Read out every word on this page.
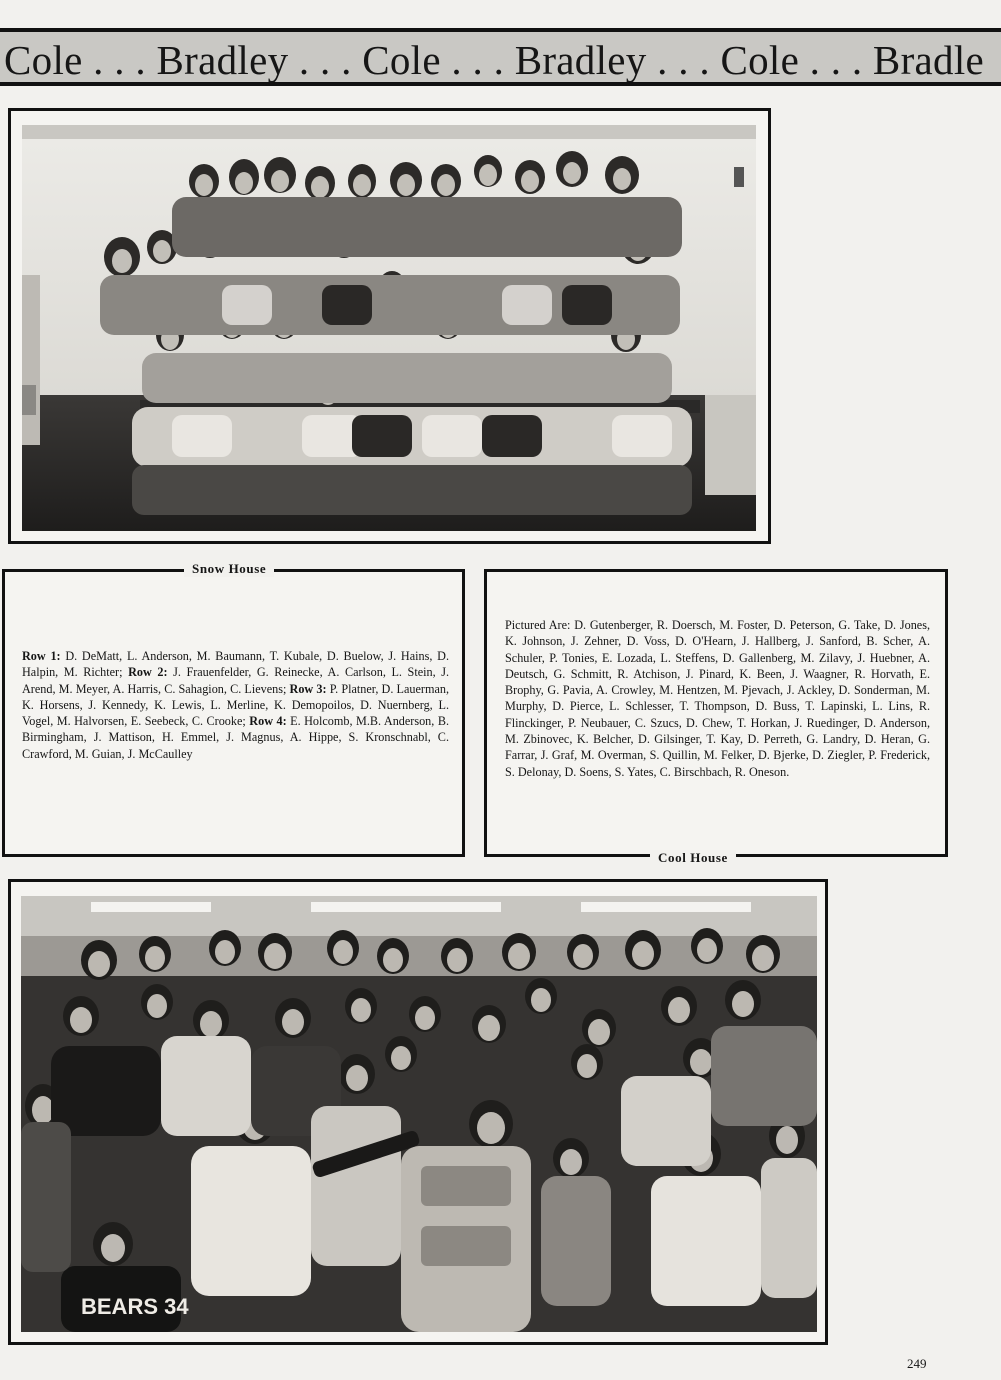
Cole . . . Bradley . . . Cole . . . Bradley . . . Cole . . . Bradle
Row 1: D. DeMatt, L. Anderson, M. Baumann, T. Kubale, D. Buelow, J. Hains, D. Halpin, M. Richter; Row 2: J. Frauenfelder, G. Reinecke, A. Carlson, L. Stein, J. Arend, M. Meyer, A. Harris, C. Sahagion, C. Lievens; Row 3: P. Platner, D. Lauerman, K. Horsens, J. Kennedy, K. Lewis, L. Merline, K. Demopoilos, D. Nuernberg, L. Vogel, M. Halvorsen, E. Seebeck, C. Crooke; Row 4: E. Holcomb, M.B. Anderson, B. Birmingham, J. Mattison, H. Emmel, J. Magnus, A. Hippe, S. Kronschnabl, C. Crawford, M. Guian, J. McCaulley
Snow House
Pictured Are: D. Gutenberger, R. Doersch, M. Foster, D. Peterson, G. Take, D. Jones, K. Johnson, J. Zehner, D. Voss, D. O'Hearn, J. Hallberg, J. Sanford, B. Scher, A. Schuler, P. Tonies, E. Lozada, L. Steffens, D. Gallenberg, M. Zilavy, J. Huebner, A. Deutsch, G. Schmitt, R. Atchison, J. Pinard, K. Been, J. Waagner, R. Horvath, E. Brophy, G. Pavia, A. Crowley, M. Hentzen, M. Pjevach, J. Ackley, D. Sonderman, M. Murphy, D. Pierce, L. Schlesser, T. Thompson, D. Buss, T. Lapinski, L. Lins, R. Flinckinger, P. Neubauer, C. Szucs, D. Chew, T. Horkan, J. Ruedinger, D. Anderson, M. Zbinovec, K. Belcher, D. Gilsinger, T. Kay, D. Perreth, G. Landry, D. Heran, G. Farrar, J. Graf, M. Overman, S. Quillin, M. Felker, D. Bjerke, D. Ziegler, P. Frederick, S. Delonay, D. Soens, S. Yates, C. Birschbach, R. Oneson.
Cool House
BEARS 34
249
